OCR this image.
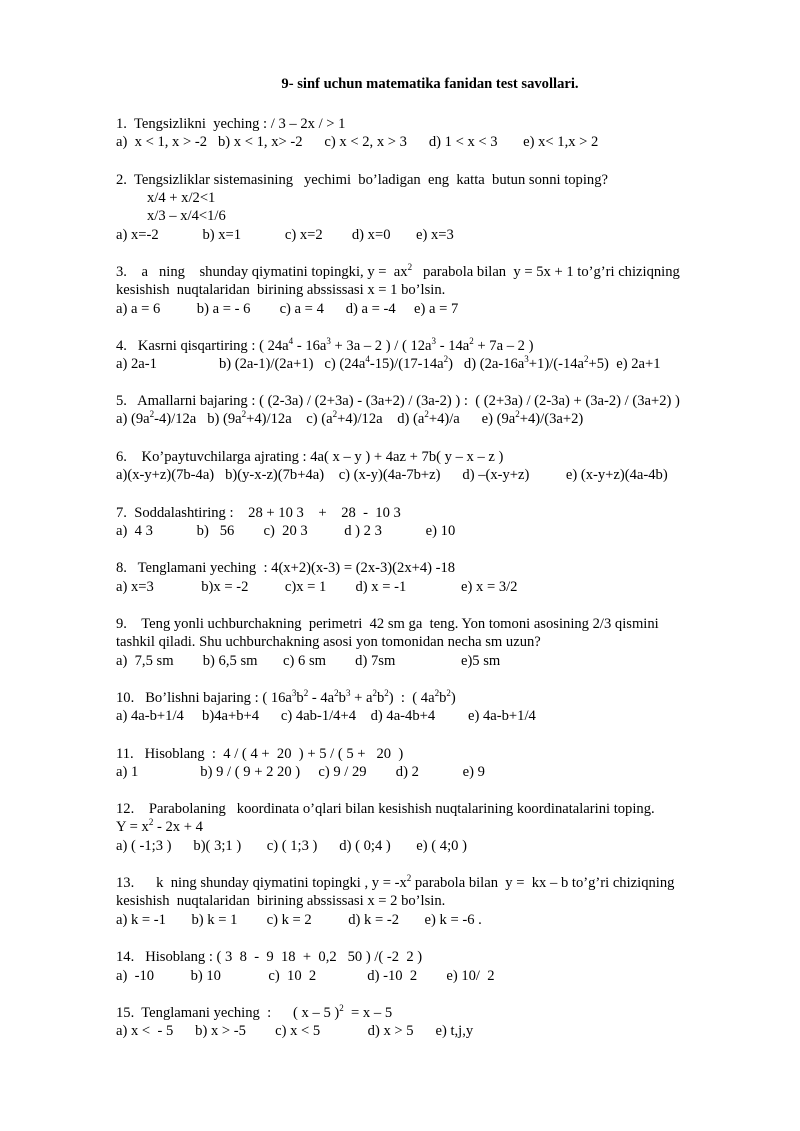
9- sinf uchun matematika fanidan test savollari.
1.  Tengsizlikni  yeching : / 3 – 2x / > 1
a)  x < 1, x > -2   b) x < 1, x> -2      c) x < 2, x > 3      d) 1 < x < 3       e) x< 1,x > 2
2.  Tengsizliklar sistemasining   yechimi  bo’ladigan  eng  katta  butun sonni toping?
x/4 + x/2<1
x/3 – x/4<1/6
a) x=-2            b) x=1            c) x=2        d) x=0       e) x=3
3.    a   ning    shunday qiymatini topingki, $y = ax^2$   parabola bilan  y = 5x + 1 to’g’ri chiziqning
kesishish  nuqtalaridan  birining abssissasi x = 1 bo’lsin.
a) a = 6          b) a = - 6        c) a = 4      d) a = -4     e) a = 7
4.   Kasrni qisqartiring : ( $24a^4 - 16a^3 + 3a - 2$ ) / ( $12a^3 - 14a^2 + 7a - 2$ )
a) 2a-1                 b) (2a-1)/(2a+1)   c) $(24a^4-15)/(17-14a^2)$   d) $(2a-16a^3+1)/(-14a^2+5)$  e) 2a+1
5.   Amallarni bajaring : ( (2-3a) / (2+3a) - (3a+2) / (3a-2) ) :  ( (2+3a) / (2-3a) + (3a-2) / (3a+2) )
a) $(9a^2-4)/12a$   b) $(9a^2+4)/12a$    c) $(a^2+4)/12a$    d) $(a^2+4)/a$      e) $(9a^2+4)/(3a+2)$
6.    Ko’paytuvchilarga ajrating : 4a( x – y ) + 4az + 7b( y – x – z )
a)(x-y+z)(7b-4a)   b)(y-x-z)(7b+4a)    c) (x-y)(4a-7b+z)      d) –(x-y+z)          e) (x-y+z)(4a-4b)
7.  Soddalashtiring :    28 + 10 3    +    28  -  10 3
a)  4 3            b)   56        c)  20 3          d ) 2 3            e) 10
8.   Tenglamani yeching  : 4(x+2)(x-3) = (2x-3)(2x+4) -18
a) x=3             b)x = -2          c)x = 1        d) x = -1               e) x = 3/2
9.    Teng yonli uchburchakning  perimetri  42 sm ga  teng. Yon tomoni asosining 2/3 qismini
tashkil qiladi. Shu uchburchakning asosi yon tomonidan necha sm uzun?
a)  7,5 sm        b) 6,5 sm       c) 6 sm        d) 7sm                  e)5 sm
10.   Bo’lishni bajaring : ( $16a^3b^2 - 4a^2b^3 + a^2b^2$)  :  ( $4a^2b^2$)
a) 4a-b+1/4     b)4a+b+4      c) 4ab-1/4+4    d) 4a-4b+4         e) 4a-b+1/4
11.   Hisoblang  :  4 / ( 4 +  20  ) + 5 / ( 5 +   20  )
a) 1                 b) 9 / ( 9 + 2 20 )     c) 9 / 29        d) 2            e) 9
12.    Parabolaning   koordinata o’qlari bilan kesishish nuqtalarining koordinatalarini toping.
$Y = x^2 - 2x + 4$
a) ( -1;3 )      b)( 3;1 )       c) ( 1;3 )      d) ( 0;4 )       e) ( 4;0 )
13.      k  ning shunday qiymatini topingki , $y = -x^2$ parabola bilan  y =  kx – b to’g’ri chiziqning
kesishish  nuqtalaridan  birining abssissasi x = 2 bo’lsin.
a) k = -1       b) k = 1        c) k = 2          d) k = -2       e) k = -6 .
14.   Hisoblang : ( 3  8  -  9  18  +  0,2   50 ) /( -2  2 )
a)  -10          b) 10             c)  10  2              d) -10  2        e) 10/  2
15.  Tenglamani yeching  :      ( x – 5 )$^2$  = x – 5
a) x <  - 5      b) x > -5        c) x < 5             d) x > 5      e) t,j,y
